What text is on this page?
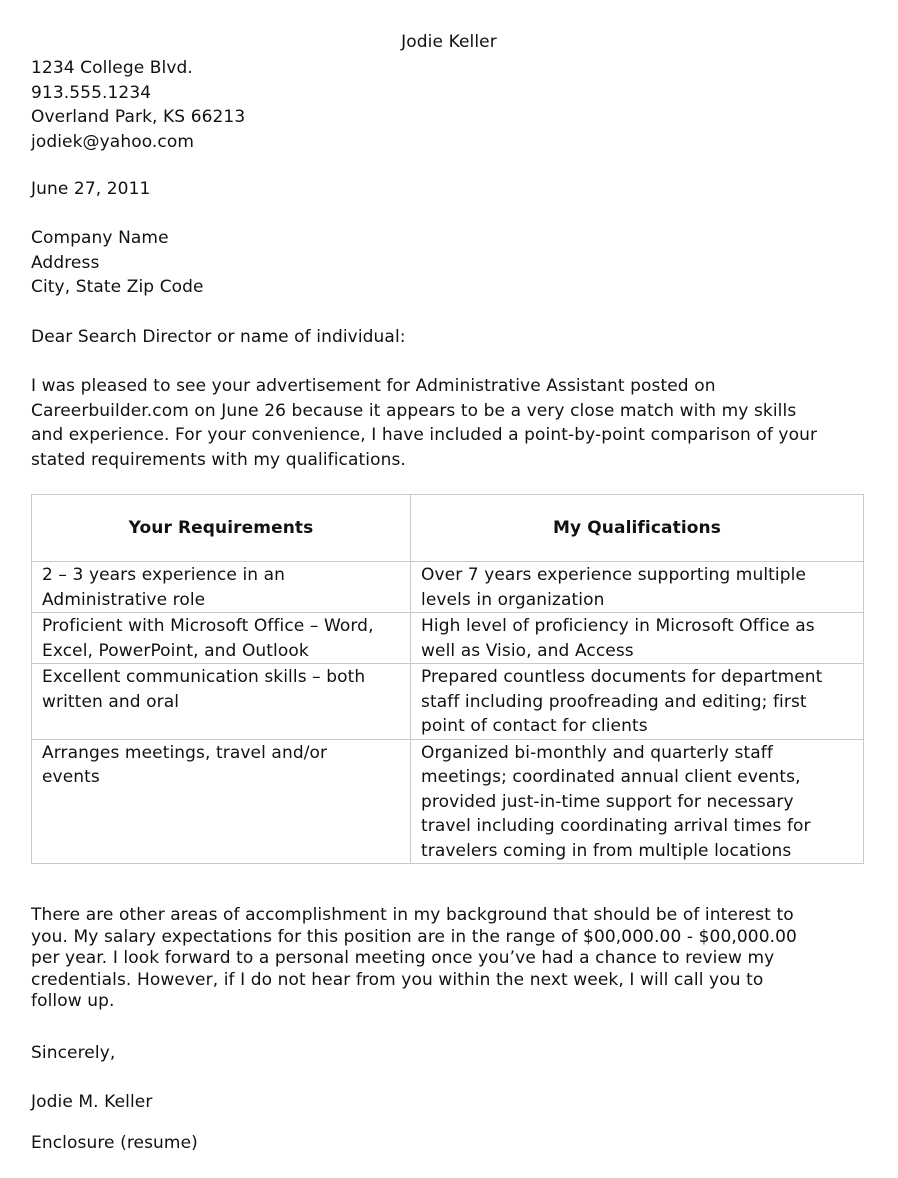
Jodie Keller
1234 College Blvd.
913.555.1234
Overland Park, KS 66213
jodiek@yahoo.com
June 27, 2011
Company Name
Address
City, State Zip Code
Dear Search Director or name of individual:
I was pleased to see your advertisement for Administrative Assistant posted on
Careerbuilder.com on June 26 because it appears to be a very close match with my skills
and experience. For your convenience, I have included a point-by-point comparison of your
stated requirements with my qualifications.
Your Requirements	My Qualifications

2 – 3 years experience in an
Administrative role	Over 7 years experience supporting multiple
levels in organization

Proficient with Microsoft Office – Word,
Excel, PowerPoint, and Outlook	High level of proficiency in Microsoft Office as
well as Visio, and Access

Excellent communication skills – both
written and oral	Prepared countless documents for department
staff including proofreading and editing; first
point of contact for clients

Arranges meetings, travel and/or
events	Organized bi-monthly and quarterly staff
meetings; coordinated annual client events,
provided just-in-time support for necessary
travel including coordinating arrival times for
travelers coming in from multiple locations
There are other areas of accomplishment in my background that should be of interest to
you. My salary expectations for this position are in the range of $00,000.00 - $00,000.00
per year. I look forward to a personal meeting once you’ve had a chance to review my
credentials. However, if I do not hear from you within the next week, I will call you to
follow up.
Sincerely,
Jodie M. Keller
Enclosure (resume)
